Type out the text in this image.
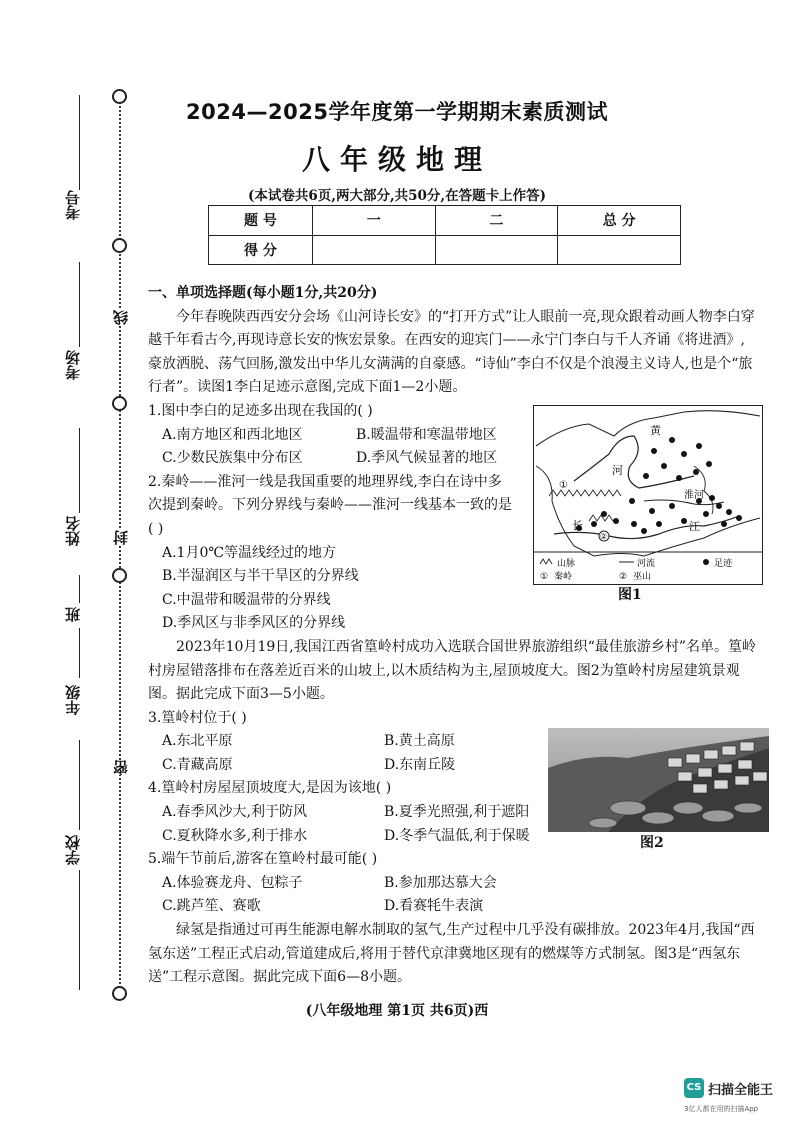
考号
考场
姓名
班
年级
学校
线
封
密
2024—2025学年度第一学期期末素质测试
八年级地理
(本试卷共6页,两大部分,共50分,在答题卡上作答)
题 号	一	二	总 分
得 分			

一、单项选择题(每小题1分,共20分)

今年春晚陕西西安分会场《山河诗长安》的“打开方式”让人眼前一亮,现众跟着动画人物李白穿越千年看古今,再现诗意长安的恢宏景象。在西安的迎宾门——永宁门李白与千人齐诵《将进酒》,豪放洒脱、荡气回肠,激发出中华儿女满满的自豪感。“诗仙”李白不仅是个浪漫主义诗人,也是个“旅行者”。读图1李白足迹示意图,完成下面1—2小题。

1.图中李白的足迹多出现在我国的( )

A.南方地区和西北地区	B.暖温带和寒温带地区
C.少数民族集中分布区	D.季风气候显著的地区

2.秦岭——淮河一线是我国重要的地理界线,李白在诗中多次提到秦岭。下列分界线与秦岭——淮河一线基本一致的是( )

A.1月0℃等温线经过的地方

B.半湿润区与半干旱区的分界线

C.中温带和暖温带的分界线

D.季风区与非季风区的分界线

2023年10月19日,我国江西省篁岭村成功入选联合国世界旅游组织“最佳旅游乡村”名单。篁岭村房屋错落排布在落差近百米的山坡上,以木质结构为主,屋顶坡度大。图2为篁岭村房屋建筑景观图。据此完成下面3—5小题。

3.篁岭村位于( )

A.东北平原	B.黄土高原
C.青藏高原	D.东南丘陵

4.篁岭村房屋屋顶坡度大,是因为该地( )

A.春季风沙大,利于防风	B.夏季光照强,利于遮阳
C.夏秋降水多,利于排水	D.冬季气温低,利于保暖

5.端午节前后,游客在篁岭村最可能( )

A.体验赛龙舟、包粽子	B.参加那达慕大会
C.跳芦笙、赛歌	D.看赛牦牛表演

绿氢是指通过可再生能源电解水制取的氢气,生产过程中几乎没有碳排放。2023年4月,我国“西氢东送”工程正式启动,管道建成后,将用于替代京津冀地区现有的燃煤等方式制氢。图3是“西氢东送”工程示意图。据此完成下面6—8小题。

黄
河
淮河
长	江
①
②
山脉	河流	足迹
① 秦岭	② 巫山
图1
图2
(八年级地理 第1页 共6页)西
CS 扫描全能王
3亿人都在用的扫描App
